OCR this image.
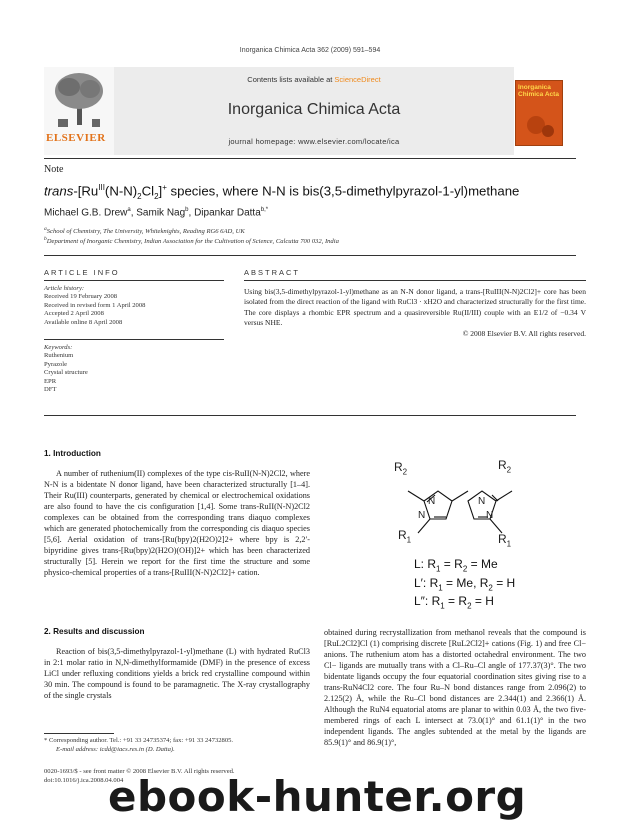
Inorganica Chimica Acta 362 (2009) 591–594
ELSEVIER
Contents lists available at ScienceDirect
Inorganica Chimica Acta
journal homepage: www.elsevier.com/locate/ica
Inorganica Chimica Acta
Note
trans-$[Ru^{III}(N-N)_2Cl_2]^+$ species, where N-N is bis(3,5-dimethylpyrazol-1-yl)methane
Michael G.B. Drew$^a$, Samik Nag$^b$, Dipankar Datta$^{b,*}$
$^a$School of Chemistry, The University, Whiteknights, Reading RG6 6AD, UK
$^b$Department of Inorganic Chemistry, Indian Association for the Cultivation of Science, Calcutta 700 032, India
ARTICLE INFO
Article history:
Received 19 February 2008
Received in revised form 1 April 2008
Accepted 2 April 2008
Available online 8 April 2008
Keywords:
Ruthenium
Pyrazole
Crystal structure
EPR
DFT
ABSTRACT
Using bis(3,5-dimethylpyrazol-1-yl)methane as an N-N donor ligand, a trans-[RuIII(N-N)2Cl2]+ core has been isolated from the direct reaction of the ligand with RuCl3 · xH2O and characterized structurally for the first time. The core displays a rhombic EPR spectrum and a quasireversible Ru(II/III) couple with an E1/2 of −0.34 V versus NHE.
© 2008 Elsevier B.V. All rights reserved.
1. Introduction
A number of ruthenium(II) complexes of the type cis-RuII(N-N)2Cl2, where N-N is a bidentate N donor ligand, have been characterized structurally [1–4]. Their Ru(III) counterparts, generated by chemical or electrochemical oxidations are also found to have the cis configuration [1,4]. Some trans-RuII(N-N)2Cl2 complexes can be obtained from the corresponding trans diaquo complexes which are generated photochemically from the corresponding cis diaquo species [5,6]. Aerial oxidation of trans-[Ru(bpy)2(H2O)2]2+ where bpy is 2,2′-bipyridine gives trans-[Ru(bpy)2(H2O)(OH)]2+ which has been characterized structurally [5]. Herein we report for the first time the structure and some physico-chemical properties of a trans-[RuIII(N-N)2Cl2]+ cation.
$R_2$	$R_2$
$R_1$	$R_1$
N
N
N
N
L: $R_1 = R_2 = Me$
L′: $R_1 = Me$, $R_2 = H$
L″: $R_1 = R_2 = H$
2. Results and discussion
Reaction of bis(3,5-dimethylpyrazol-1-yl)methane (L) with hydrated RuCl3 in 2:1 molar ratio in N,N-dimethylformamide (DMF) in the presence of excess LiCl under refluxing conditions yields a brick red crystalline compound within 30 min. The compound is found to be paramagnetic. The X-ray crystallography of the single crystals
obtained during recrystallization from methanol reveals that the compound is [RuL2Cl2]Cl (1) comprising discrete [RuL2Cl2]+ cations (Fig. 1) and free Cl− anions. The ruthenium atom has a distorted octahedral environment. The two Cl− ligands are mutually trans with a Cl–Ru–Cl angle of 177.37(3)°. The two bidentate ligands occupy the four equatorial coordination sites giving rise to a trans-RuN4Cl2 core. The four Ru–N bond distances range from 2.096(2) to 2.125(2) Å, while the Ru–Cl bond distances are 2.344(1) and 2.366(1) Å. Although the RuN4 equatorial atoms are planar to within 0.03 Å, the two five-membered rings of each L intersect at 73.0(1)° and 61.1(1)° in the two independent ligands. The angles subtended at the metal by the ligands are 85.9(1)° and 86.9(1)°,
* Corresponding author. Tel.: +91 33 24735374; fax: +91 33 24732805.
E-mail address: icdd@iacs.res.in (D. Datta).
0020-1693/$ - see front matter © 2008 Elsevier B.V. All rights reserved.
doi:10.1016/j.ica.2008.04.004
ebook-hunter.org
